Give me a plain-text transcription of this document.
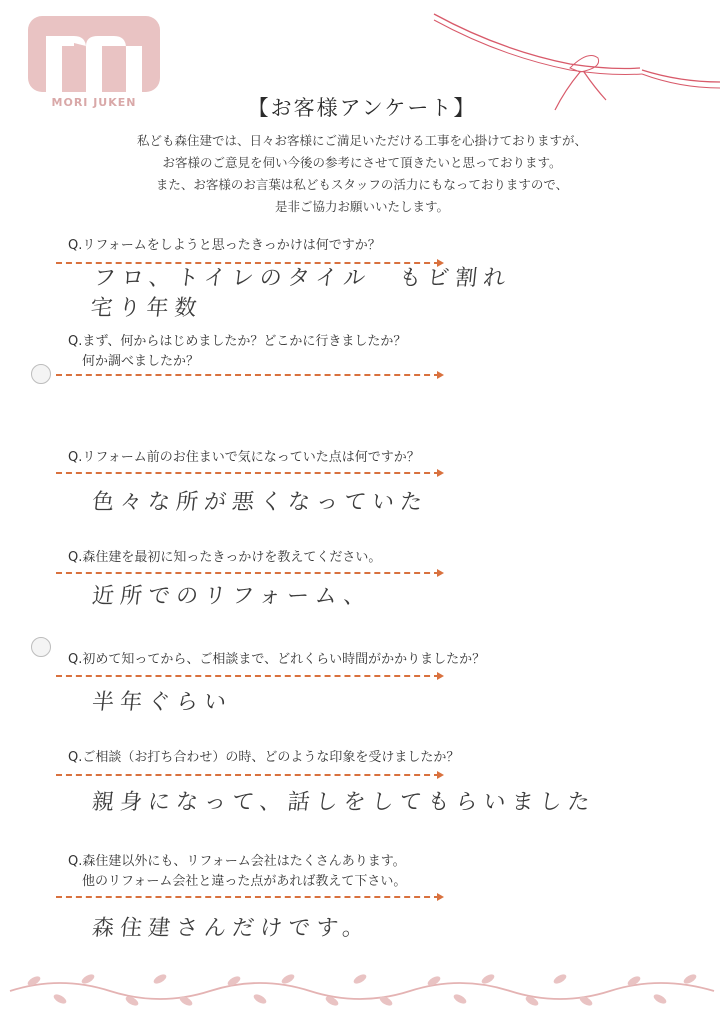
MORI JUKEN	【お客様アンケート】
私ども森住建では、日々お客様にご満足いただける工事を心掛けておりますが、
お客様のご意見を伺い今後の参考にさせて頂きたいと思っております。
また、お客様のお言葉は私どもスタッフの活力にもなっておりますので、
是非ご協力お願いいたします。
Q.リフォームをしようと思ったきっかけは何ですか？
フロ、トイレのタイル　もビ割れ
宅り年数
Q.まず、何からはじめましたか？どこかに行きましたか？
何か調べましたか？
Q.リフォーム前のお住まいで気になっていた点は何ですか？
色々な所が悪くなっていた
Q.森住建を最初に知ったきっかけを教えてください。
近所でのリフォーム、
Q.初めて知ってから、ご相談まで、どれくらい時間がかかりましたか？
半年ぐらい
Q.ご相談（お打ち合わせ）の時、どのような印象を受けましたか？
親身になって、話しをしてもらいました
Q.森住建以外にも、リフォーム会社はたくさんあります。
他のリフォーム会社と違った点があれば教えて下さい。
森住建さんだけです。
